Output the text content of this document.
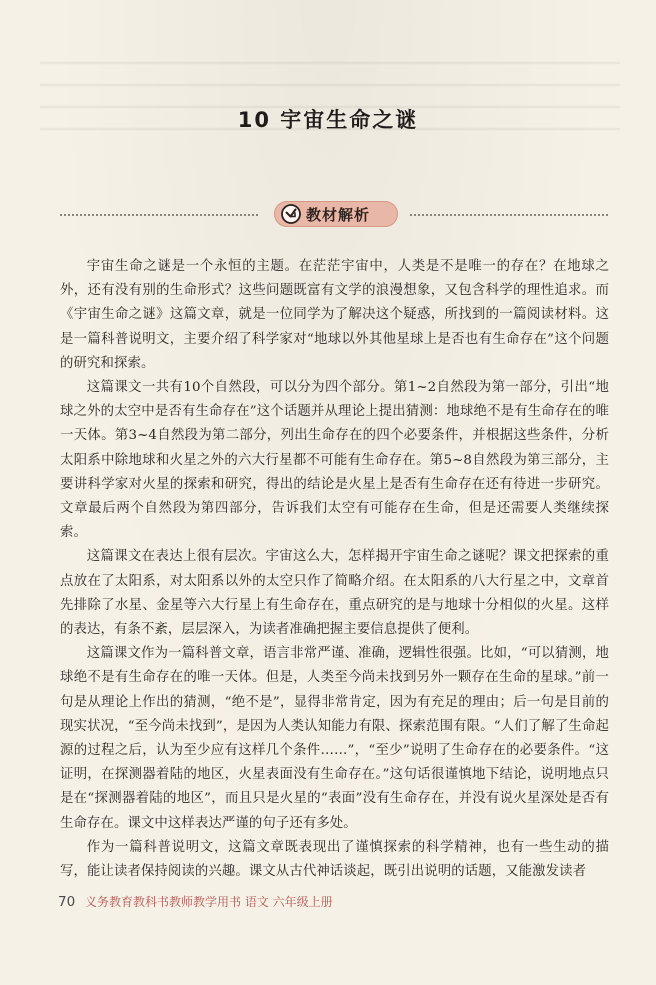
10 宇宙生命之谜
教材解析

宇宙生命之谜是一个永恒的主题。在茫茫宇宙中，人类是不是唯一的存在？在地球之外，还有没有别的生命形式？这些问题既富有文学的浪漫想象，又包含科学的理性追求。而《宇宙生命之谜》这篇文章，就是一位同学为了解决这个疑惑，所找到的一篇阅读材料。这是一篇科普说明文，主要介绍了科学家对“地球以外其他星球上是否也有生命存在”这个问题的研究和探索。

这篇课文一共有10个自然段，可以分为四个部分。第1~2自然段为第一部分，引出“地球之外的太空中是否有生命存在”这个话题并从理论上提出猜测：地球绝不是有生命存在的唯一天体。第3~4自然段为第二部分，列出生命存在的四个必要条件，并根据这些条件，分析太阳系中除地球和火星之外的六大行星都不可能有生命存在。第5~8自然段为第三部分，主要讲科学家对火星的探索和研究，得出的结论是火星上是否有生命存在还有待进一步研究。文章最后两个自然段为第四部分，告诉我们太空有可能存在生命，但是还需要人类继续探索。

这篇课文在表达上很有层次。宇宙这么大，怎样揭开宇宙生命之谜呢？课文把探索的重点放在了太阳系，对太阳系以外的太空只作了简略介绍。在太阳系的八大行星之中，文章首先排除了水星、金星等六大行星上有生命存在，重点研究的是与地球十分相似的火星。这样的表达，有条不紊，层层深入，为读者准确把握主要信息提供了便利。

这篇课文作为一篇科普文章，语言非常严谨、准确，逻辑性很强。比如，“可以猜测，地球绝不是有生命存在的唯一天体。但是，人类至今尚未找到另外一颗存在生命的星球。”前一句是从理论上作出的猜测，“绝不是”，显得非常肯定，因为有充足的理由；后一句是目前的现实状况，“至今尚未找到”，是因为人类认知能力有限、探索范围有限。“人们了解了生命起源的过程之后，认为至少应有这样几个条件……”，“至少”说明了生命存在的必要条件。“这证明，在探测器着陆的地区，火星表面没有生命存在。”这句话很谨慎地下结论，说明地点只是在“探测器着陆的地区”，而且只是火星的“表面”没有生命存在，并没有说火星深处是否有生命存在。课文中这样表达严谨的句子还有多处。

作为一篇科普说明文，这篇文章既表现出了谨慎探索的科学精神，也有一些生动的描写，能让读者保持阅读的兴趣。课文从古代神话谈起，既引出说明的话题，又能激发读者

70 义务教育教科书教师教学用书 语文 六年级上册
